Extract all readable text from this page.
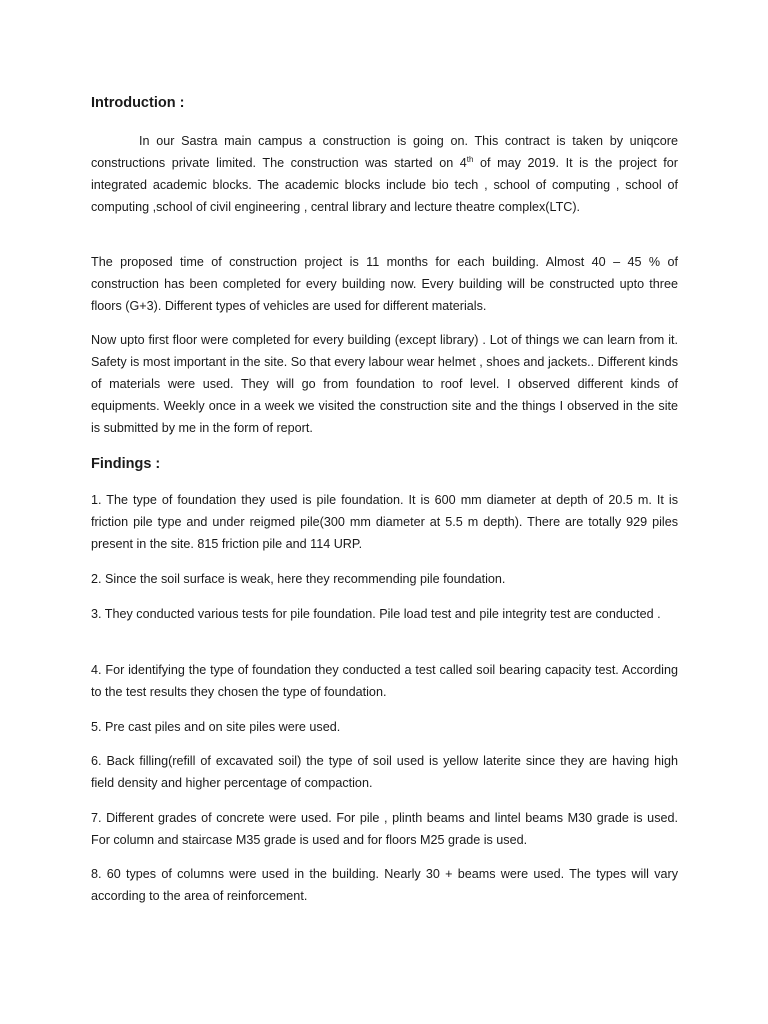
Introduction :

In our Sastra main campus a construction is going on. This contract is taken by uniqcore constructions private limited. The construction was started on 4th of may 2019. It is the project for integrated academic blocks. The academic blocks include bio tech , school of computing , school of computing ,school of civil engineering , central library and lecture theatre complex(LTC).

The proposed time of construction project is 11 months for each building. Almost 40 – 45 % of construction has been completed for every building now. Every building will be constructed upto three floors (G+3). Different types of vehicles are used for different materials.

Now upto first floor were completed for every building (except library) . Lot of things we can learn from it. Safety is most important in the site. So that every labour wear helmet , shoes and jackets.. Different kinds of materials were used. They will go from foundation to roof level. I observed different kinds of equipments. Weekly once in a week we visited the construction site and the things I observed in the site is submitted by me in the form of report.

Findings :

1. The type of foundation they used is pile foundation. It is 600 mm diameter at depth of 20.5 m. It is friction pile type and under reigmed pile(300 mm diameter at 5.5 m depth). There are totally 929 piles present in the site. 815 friction pile and 114 URP.

2. Since the soil surface is weak, here they recommending pile foundation.

3. They conducted various tests for pile foundation. Pile load test and pile integrity test are conducted .

4. For identifying the type of foundation they conducted a test called soil bearing capacity test. According to the test results they chosen the type of foundation.

5. Pre cast piles and on site piles were used.

6. Back filling(refill of excavated soil) the type of soil used is yellow laterite since they are having high field density and higher percentage of compaction.

7. Different grades of concrete were used. For pile , plinth beams and lintel beams M30 grade is used. For column and staircase M35 grade is used and for floors M25 grade is used.

8. 60 types of columns were used in the building. Nearly 30 + beams were used. The types will vary according to the area of reinforcement.
